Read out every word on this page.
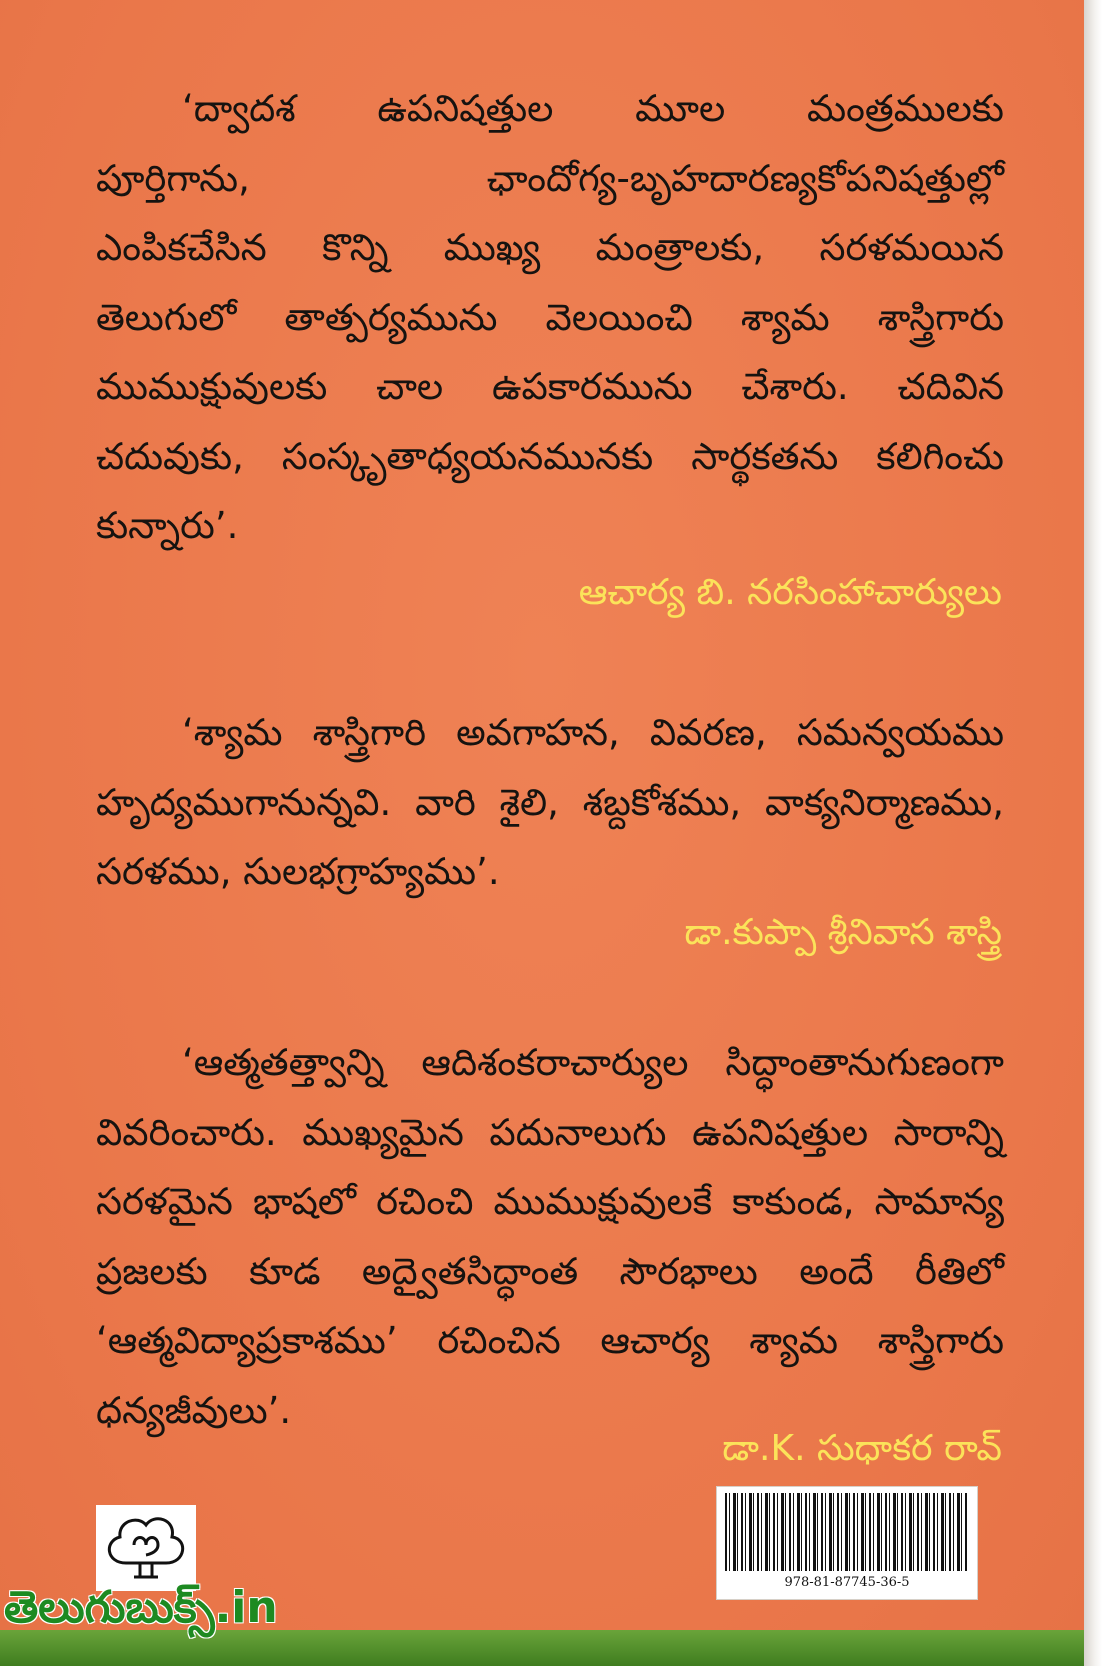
‘ద్వాదశ ఉపనిషత్తుల మూల మంత్రములకు
పూర్తిగాను, ఛాందోగ్య-బృహదారణ్యకోపనిషత్తుల్లో
ఎంపికచేసిన కొన్ని ముఖ్య మంత్రాలకు, సరళమయిన
తెలుగులో తాత్పర్యమును వెలయించి శ్యామ శాస్త్రిగారు
ముముక్షువులకు చాల ఉపకారమును చేశారు. చదివిన
చదువుకు, సంస్కృతాధ్యయనమునకు సార్థకతను కలిగించు
కున్నారు’.
ఆచార్య బి. నరసింహాచార్యులు
‘శ్యామ శాస్త్రిగారి అవగాహన, వివరణ, సమన్వయము
హృద్యముగానున్నవి. వారి శైలి, శబ్దకోశము, వాక్యనిర్మాణము,
సరళము, సులభగ్రాహ్యము’.
డా.కుప్పా శ్రీనివాస శాస్త్రి
‘ఆత్మతత్త్వాన్ని ఆదిశంకరాచార్యుల సిద్ధాంతానుగుణంగా
వివరించారు. ముఖ్యమైన పదునాలుగు ఉపనిషత్తుల సారాన్ని
సరళమైన భాషలో రచించి ముముక్షువులకే కాకుండ, సామాన్య
ప్రజలకు కూడ అద్వైతసిద్ధాంత సౌరభాలు అందే రీతిలో
‘ఆత్మవిద్యాప్రకాశము’ రచించిన ఆచార్య శ్యామ శాస్త్రిగారు
ధన్యజీవులు’.
డా.K. సుధాకర రావ్
978-81-87745-36-5
తెలుగుబుక్స్.in
